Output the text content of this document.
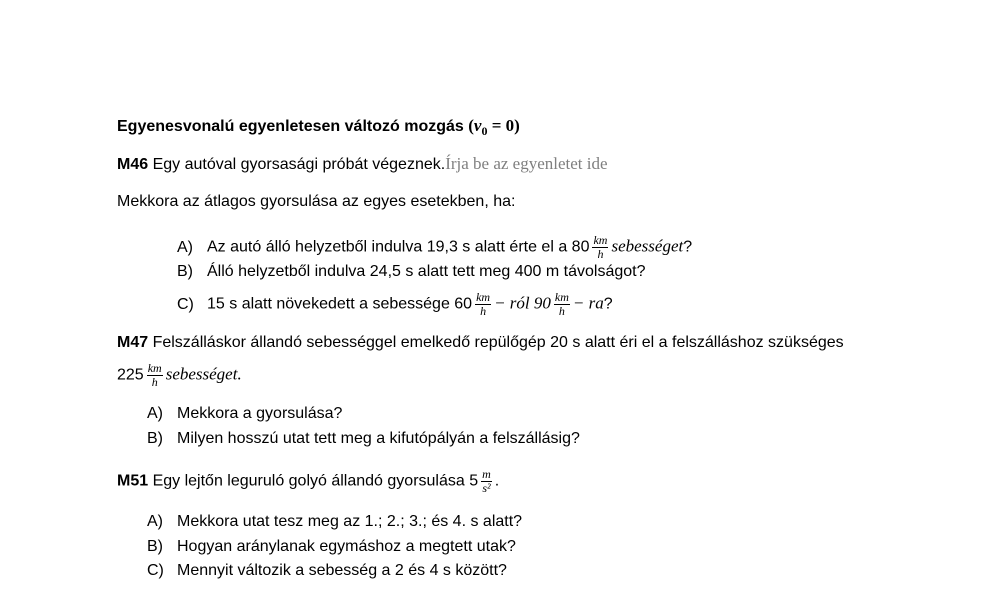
Egyenesvonalú egyenletesen változó mozgás $(v_0 = 0)$
M46 Egy autóval gyorsasági próbát végeznek.Írja be az egyenletet ide
Mekkora az átlagos gyorsulása az egyes esetekben, ha:
A) Az autó álló helyzetből indulva 19,3 s alatt érte el a $80 \frac{km}{h}$ sebességet?
B) Álló helyzetből indulva 24,5 s alatt tett meg 400 m távolságot?
C) 15 s alatt növekedett a sebessége $60 \frac{km}{h}$ − ról $90 \frac{km}{h}$ − ra?
M47 Felszálláskor állandó sebességgel emelkedő repülőgép 20 s alatt éri el a felszálláshoz szükséges
$225 \frac{km}{h}$ sebességet.
A) Mekkora a gyorsulása?
B) Milyen hosszú utat tett meg a kifutópályán a felszállásig?
M51 Egy lejtőn leguruló golyó állandó gyorsulása $5 \frac{m}{\text{s²}}$ .
A) Mekkora utat tesz meg az 1.; 2.; 3.; és 4. s alatt?
B) Hogyan aránylanak egymáshoz a megtett utak?
C) Mennyit változik a sebesség a 2 és 4 s között?
